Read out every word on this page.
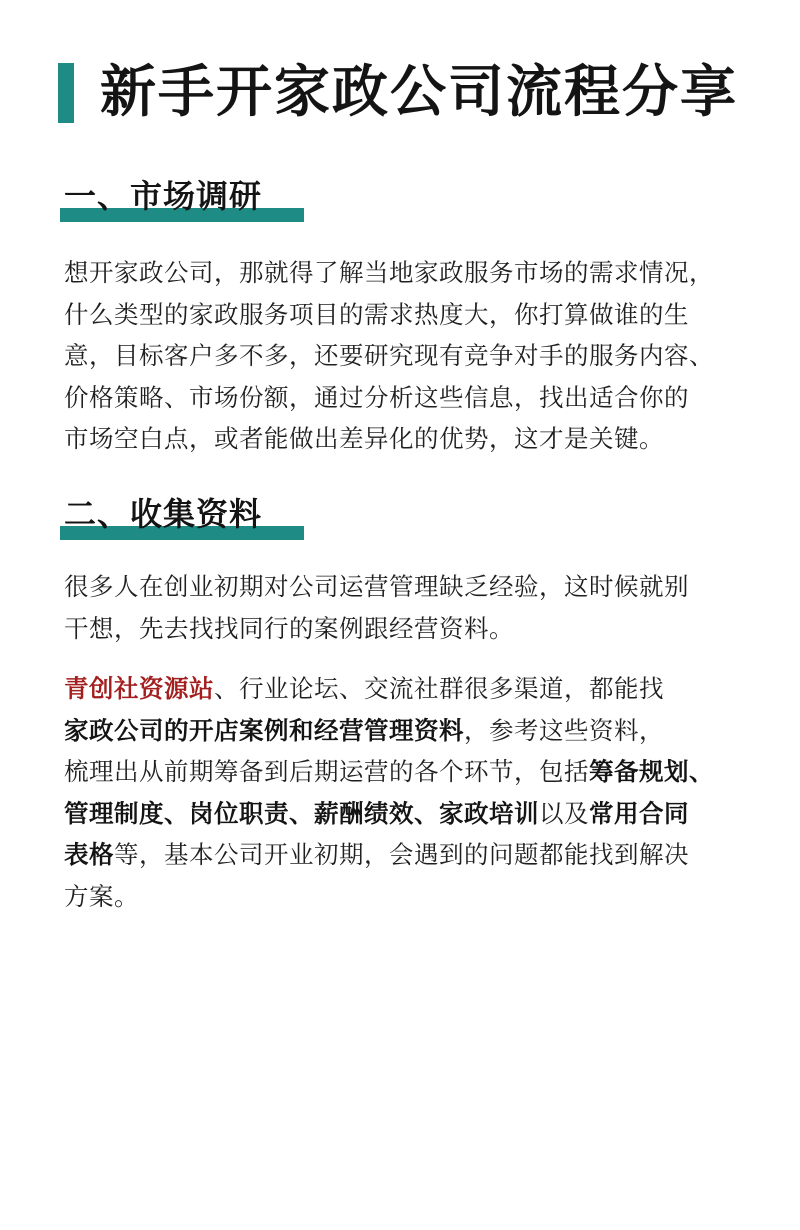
新手开家政公司流程分享
一、市场调研
想开家政公司，那就得了解当地家政服务市场的需求情况，
什么类型的家政服务项目的需求热度大，你打算做谁的生
意，目标客户多不多，还要研究现有竞争对手的服务内容、
价格策略、市场份额，通过分析这些信息，找出适合你的
市场空白点，或者能做出差异化的优势，这才是关键。
二、收集资料
很多人在创业初期对公司运营管理缺乏经验，这时候就别
干想，先去找找同行的案例跟经营资料。
青创社资源站、行业论坛、交流社群很多渠道，都能找
家政公司的开店案例和经营管理资料，参考这些资料，
梳理出从前期筹备到后期运营的各个环节，包括筹备规划、
管理制度、岗位职责、薪酬绩效、家政培训以及常用合同
表格等，基本公司开业初期，会遇到的问题都能找到解决
方案。
